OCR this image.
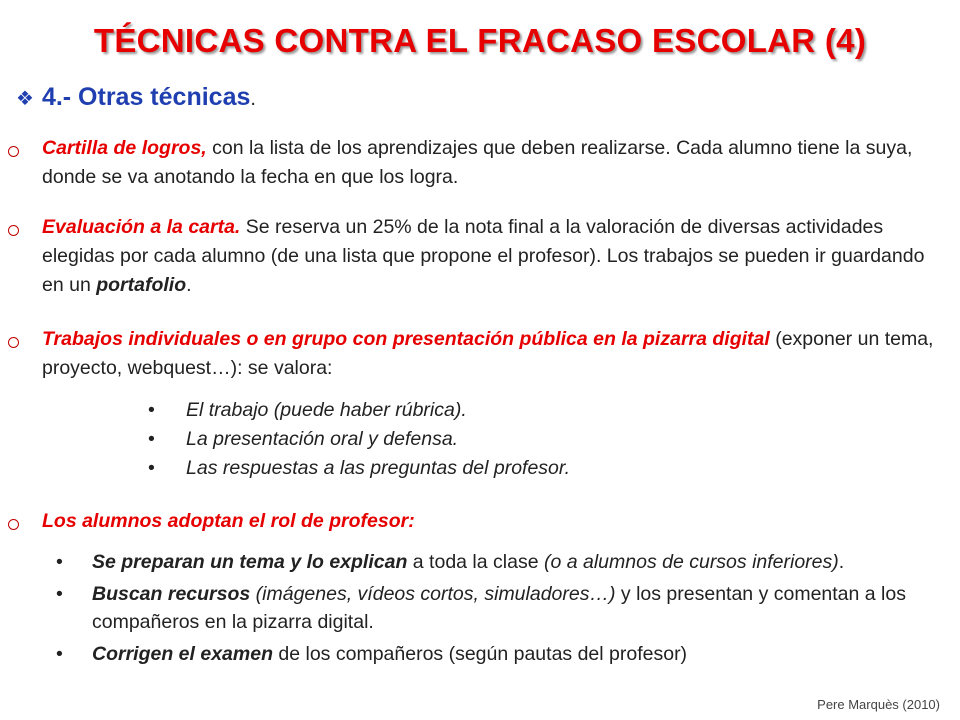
TÉCNICAS CONTRA EL FRACASO ESCOLAR (4)
❖ 4.- Otras técnicas .
Cartilla de logros, con la lista de los aprendizajes que deben realizarse. Cada alumno tiene la suya, donde se va anotando la fecha en que los logra.
Evaluación a la carta. Se reserva un 25% de la nota final a la valoración de diversas actividades elegidas por cada alumno (de una lista que propone el profesor). Los trabajos se pueden ir guardando en un portafolio.
Trabajos individuales o en grupo con presentación pública en la pizarra digital (exponer un tema, proyecto, webquest…): se valora:
•	El trabajo (puede haber rúbrica).
•	La presentación oral y defensa.
•	Las respuestas a las preguntas del profesor.
Los alumnos adoptan el rol de profesor:
•	Se preparan un tema y lo explican a toda la clase (o a alumnos de cursos inferiores).
•	Buscan recursos (imágenes, vídeos cortos, simuladores…) y los presentan y comentan a los compañeros en la pizarra digital.
•	Corrigen el examen de los compañeros (según pautas del profesor)
Pere Marquès (2010)
